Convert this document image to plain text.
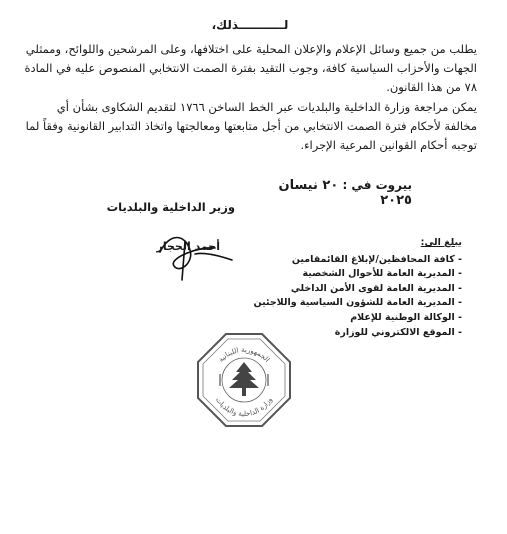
لـــــــــــذلك،
يطلب من جميع وسائل الإعلام والإعلان المحلية على اختلافها، وعلى المرشحين واللوائح، وممثلي الجهات والأحزاب السياسية كافة، وجوب التقيد بفترة الصمت الانتخابي المنصوص عليه في المادة ٧٨ من هذا القانون.
يمكن مراجعة وزارة الداخلية والبلديات عبر الخط الساخن ١٧٦٦ لتقديم الشكاوى بشأن أي مخالفة لأحكام فترة الصمت الانتخابي من أجل متابعتها ومعالجتها واتخاذ التدابير القانونية وفقاً لما توجبه أحكام القوانين المرعية الإجراء.
بيروت في : ٢٠ نيسان ٢٠٢٥
وزير الداخلية والبلديات
أحمد الحجار	يبلغ الى:
- كافة المحافظين/لإبلاغ القائمقامين
- المديرية العامة للأحوال الشخصية
- المديرية العامة لقوى الأمن الداخلي
- المديرية العامة للشؤون السياسية واللاجئين
- الوكالة الوطنية للإعلام
- الموقع الالكتروني للوزارة
الجمهورية اللبنانية
وزارة الداخلية والبلديات
